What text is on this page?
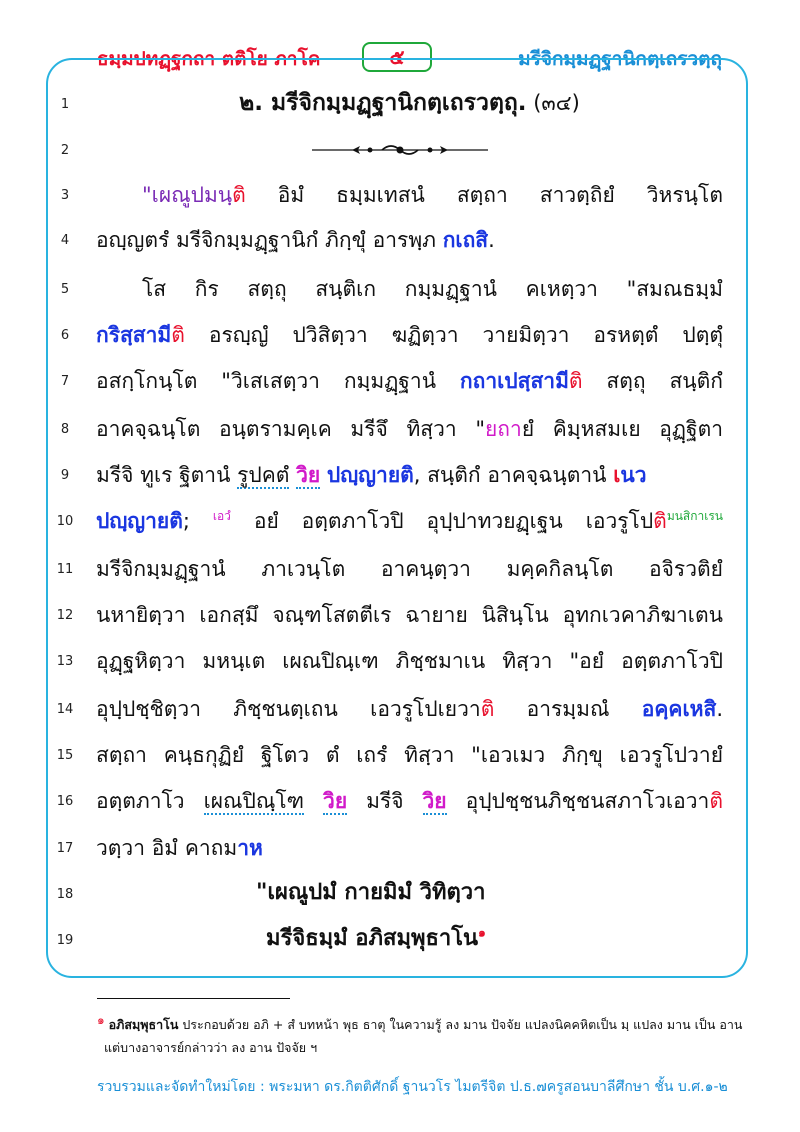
ธมฺมปทฏฺฐกถา ตติโย ภาโค	๕	มรีจิกมฺมฏฺฐานิกตฺเถรวตฺถุ
1
2
3
4
5
6
7
8
9
10
11
12
13
14
15
16
17
18
19
๒. มรีจิกมฺมฏฺฐานิกตฺเถรวตฺถุ. (๓๔)
"เผณูปมนฺติ อิมํ ธมฺมเทสนํ สตฺถา สาวตฺถิยํ วิหรนฺโต
อญฺญตรํ มรีจิกมฺมฏฺฐานิกํ ภิกฺขุํ อารพฺภ กเถสิ.
โส กิร สตฺถุ สนฺติเก กมฺมฏฺฐานํ คเหตฺวา "สมณธมฺมํ
กริสฺสามีติ อรญฺญํ ปวิสิตฺวา ฆฏิตฺวา วายมิตฺวา อรหตฺตํ ปตฺตุํ
อสกฺโกนฺโต "วิเสเสตฺวา กมฺมฏฺฐานํ กถาเปสฺสามีติ สตฺถุ สนฺติกํ
อาคจฺฉนฺโต อนฺตรามคฺเค มรีจึ ทิสฺวา "ยถายํ คิมฺหสมเย อุฏฺฐิตา
มรีจิ ทูเร ฐิตานํ รูปคตํ วิย ปญฺญายติ, สนฺติกํ อาคจฺฉนฺตานํ เนว
ปญฺญายติ; $^{เอวํ}$ อยํ อตฺตภาโวปิ อุปฺปาทวยฏฺเฐน เอวรูโปติ$^{มนสิกาเรน}$
มรีจิกมฺมฏฺฐานํ ภาเวนฺโต อาคนฺตฺวา มคฺคกิลนฺโต อจิรวติยํ
นหายิตฺวา เอกสฺมึ จณฺฑโสตตีเร ฉายาย นิสินฺโน อุทกเวคาภิฆาเตน
อุฏฺฐหิตฺวา มหนฺเต เผณปิณฺเฑ ภิชฺชมาเน ทิสฺวา "อยํ อตฺตภาโวปิ
อุปฺปชฺชิตฺวา ภิชฺชนตฺเถน เอวรูโปเยวาติ อารมฺมณํ อคฺคเหสิ.
สตฺถา คนฺธกุฏิยํ ฐิโตว ตํ เถรํ ทิสฺวา "เอวเมว ภิกฺขุ เอวรูโปวายํ
อตฺตภาโว เผณปิณฺโฑ วิย มรีจิ วิย อุปฺปชฺชนภิชฺชนสภาโวเอวาติ
วตฺวา อิมํ คาถมาห
"เผณูปมํ กายมิมํ วิทิตฺวา
มรีจิธมฺมํ อภิสมฺพุธาโน$^๑$
๑ อภิสมฺพุธาโน ประกอบด้วย อภิ + สํ บทหน้า พุธ ธาตุ ในความรู้ ลง มาน ปัจจัย แปลงนิคคหิตเป็น มฺ แปลง มาน เป็น อาน
แต่บางอาจารย์กล่าวว่า ลง อาน ปัจจัย ฯ
รวบรวมและจัดทำใหม่โดย : พระมหา ดร.กิตติศักดิ์ ฐานวโร ไมตรีจิต ป.ธ.๗ ครูสอนบาลีศึกษา ชั้น บ.ศ.๑-๒
